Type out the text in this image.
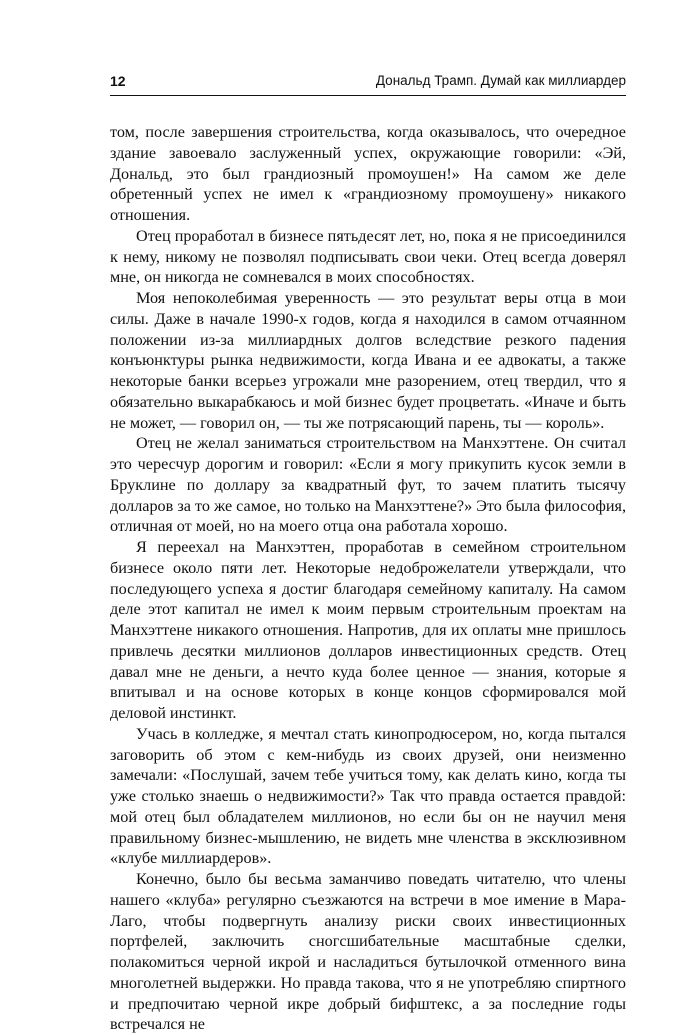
12	Дональд Трамп. Думай как миллиардер

том, после завершения строительства, когда оказывалось, что очередное здание завоевало заслуженный успех, окружающие говорили: «Эй, Дональд, это был грандиозный промоушен!» На самом же деле обретенный успех не имел к «грандиозному промоушену» никакого отношения.

Отец проработал в бизнесе пятьдесят лет, но, пока я не присоединился к нему, никому не позволял подписывать свои чеки. Отец всегда доверял мне, он никогда не сомневался в моих способностях.

Моя непоколебимая уверенность — это результат веры отца в мои силы. Даже в начале 1990-х годов, когда я находился в самом отчаянном положении из-за миллиардных долгов вследствие резкого падения конъюнктуры рынка недвижимости, когда Ивана и ее адвокаты, а также некоторые банки всерьез угрожали мне разорением, отец твердил, что я обязательно выкарабкаюсь и мой бизнес будет процветать. «Иначе и быть не может, — говорил он, — ты же потрясающий парень, ты — король».

Отец не желал заниматься строительством на Манхэттене. Он считал это чересчур дорогим и говорил: «Если я могу прикупить кусок земли в Бруклине по доллару за квадратный фут, то зачем платить тысячу долларов за то же самое, но только на Манхэттене?» Это была философия, отличная от моей, но на моего отца она работала хорошо.

Я переехал на Манхэттен, проработав в семейном строительном бизнесе около пяти лет. Некоторые недоброжелатели утверждали, что последующего успеха я достиг благодаря семейному капиталу. На самом деле этот капитал не имел к моим первым строительным проектам на Манхэттене никакого отношения. Напротив, для их оплаты мне пришлось привлечь десятки миллионов долларов инвестиционных средств. Отец давал мне не деньги, а нечто куда более ценное — знания, которые я впитывал и на основе которых в конце концов сформировался мой деловой инстинкт.

Учась в колледже, я мечтал стать кинопродюсером, но, когда пытался заговорить об этом с кем-нибудь из своих друзей, они неизменно замечали: «Послушай, зачем тебе учиться тому, как делать кино, когда ты уже столько знаешь о недвижимости?» Так что правда остается правдой: мой отец был обладателем миллионов, но если бы он не научил меня правильному бизнес-мышлению, не видеть мне членства в эксклюзивном «клубе миллиардеров».

Конечно, было бы весьма заманчиво поведать читателю, что члены нашего «клуба» регулярно съезжаются на встречи в мое имение в Мара-Лаго, чтобы подвергнуть анализу риски своих инвестиционных портфелей, заключить сногсшибательные масштабные сделки, полакомиться черной икрой и насладиться бутылочкой отменного вина многолетней выдержки. Но правда такова, что я не употребляю спиртного и предпочитаю черной икре добрый бифштекс, а за последние годы встречался не
